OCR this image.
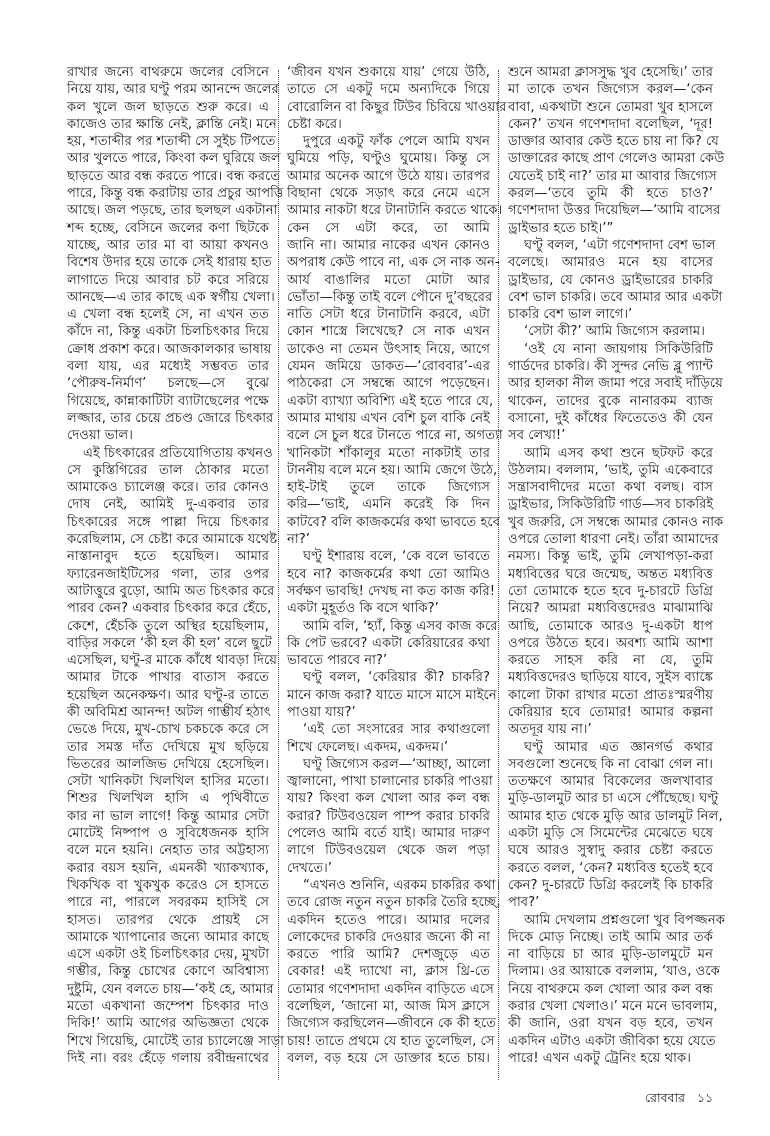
রাখার জন্যে বাথরুমে জলের বেসিনে
নিয়ে যায়, আর ঘণ্টু পরম আনন্দে জলের
কল খুলে জল ছাড়তে শুরু করে। এ
কাজেও তার ক্ষান্তি নেই, ক্লান্তি নেই। মনে
হয়, শতাব্দীর পর শতাব্দী সে সুইচ টিপতে
আর খুলতে পারে, কিংবা কল ঘুরিয়ে জল
ছাড়তে আর বন্ধ করতে পারে। বন্ধ করতে
পারে, কিন্তু বন্ধ করাটায় তার প্রচুর আপত্তি
আছে। জল পড়ছে, তার ছলছল একটানা
শব্দ হচ্ছে, বেসিনে জলের কণা ছিটকে
যাচ্ছে, আর তার মা বা আয়া কখনও
বিশেষ উদার হয়ে তাকে সেই ধারায় হাত
লাগাতে দিয়ে আবার চট করে সরিয়ে
আনছে—এ তার কাছে এক স্বর্গীয় খেলা।
এ খেলা বন্ধ হলেই সে, না এখন তত
কাঁদে না, কিন্তু একটা চিলচিৎকার দিয়ে
ক্রোধ প্রকাশ করে। আজকালকার ভাষায়
বলা যায়, এর মধ্যেই সম্ভবত তার
‘পৌরুষ-নির্মাণ’ চলছে—সে বুঝে
গিয়েছে, কান্নাকাটিটা ব্যাটাছেলের পক্ষে
লজ্জার, তার চেয়ে প্রচণ্ড জোরে চিৎকার
দেওয়া ভাল।
এই চিৎকারের প্রতিযোগিতায় কখনও
সে কুস্তিগিরের তাল ঠোকার মতো
আমাকেও চ্যালেঞ্জ করে। তার কোনও
দোষ নেই, আমিই দু-একবার তার
চিৎকারের সঙ্গে পাল্লা দিয়ে চিৎকার
করেছিলাম, সে চেষ্টা করে আমাকে যথেষ্ট
নাস্তানাবুদ হতে হয়েছিল। আমার
ফ্যারেনজাইটিসের গলা, তার ওপর
আটাত্তুরে বুড়ো, আমি অত চিৎকার করে
পারব কেন? একবার চিৎকার করে হেঁচে,
কেশে, হেঁচকি তুলে অস্থির হয়েছিলাম,
বাড়ির সকলে ‘কী হল কী হল’ বলে ছুটে
এসেছিল, ঘণ্টু-র মাকে কাঁধে থাবড়া দিয়ে
আমার টাকে পাখার বাতাস করতে
হয়েছিল অনেকক্ষণ। আর ঘণ্টু-র তাতে
কী অবিমিশ্র আনন্দ! অটল গাম্ভীর্য হঠাৎ
ভেঙে দিয়ে, মুখ-চোখ চকচকে করে সে
তার সমস্ত দাঁত দেখিয়ে মুখ ছড়িয়ে
ভিতরের আলজিভ দেখিয়ে হেসেছিল।
সেটা খানিকটা খিলখিল হাসির মতো।
শিশুর খিলখিল হাসি এ পৃথিবীতে
কার না ভাল লাগে! কিন্তু আমার সেটা
মোটেই নিষ্পাপ ও সুবিধেজনক হাসি
বলে মনে হয়নি। নেহাত তার অট্টহাস্য
করার বয়স হয়নি, এমনকী খ্যাকখ্যাক,
খিকখিক বা খুকখুক করেও সে হাসতে
পারে না, পারলে সবরকম হাসিই সে
হাসত। তারপর থেকে প্রায়ই সে
আমাকে খ্যাপানোর জন্যে আমার কাছে
এসে একটা ওই চিলচিৎকার দেয়, মুখটা
গম্ভীর, কিন্তু চোখের কোণে অবিশ্বাস্য
দুষ্টুমি, যেন বলতে চায়—‘কই হে, আমার
মতো একখানা জম্পেশ চিৎকার দাও
দিকি!’ আমি আগের অভিজ্ঞতা থেকে
শিখে গিয়েছি, মোটেই তার চ্যালেঞ্জে সাড়া
দিই না। বরং হেঁড়ে গলায় রবীন্দ্রনাথের
‘জীবন যখন শুকায়ে যায়’ গেয়ে উঠি,
তাতে সে একটু দমে অন্যদিকে গিয়ে
বোরোলিন বা কিছুর টিউব চিবিয়ে খাওয়ার
চেষ্টা করে।
দুপুরে একটু ফাঁক পেলে আমি যখন
ঘুমিয়ে পড়ি, ঘণ্টুও ঘুমোয়। কিন্তু সে
আমার অনেক আগে উঠে যায়। তারপর
বিছানা থেকে সড়াৎ করে নেমে এসে
আমার নাকটা ধরে টানাটানি করতে থাকে।
কেন সে এটা করে, তা আমি
জানি না। আমার নাকের এখন কোনও
অপরাধ কেউ পাবে না, এক সে নাক অন-
আর্য বাঙালির মতো মোটা আর
ভোঁতা—কিন্তু তাই বলে পৌনে দু’বছরের
নাতি সেটা ধরে টানাটানি করবে, এটা
কোন শাস্ত্রে লিখেছে? সে নাক এখন
ডাকেও না তেমন উৎসাহ নিয়ে, আগে
যেমন জমিয়ে ডাকত—‘রোববার’-এর
পাঠকেরা সে সম্বন্ধে আগে পড়েছেন।
একটা ব্যাখ্যা অবিশ্যি এই হতে পারে যে,
আমার মাথায় এখন বেশি চুল বাকি নেই
বলে সে চুল ধরে টানতে পারে না, অগত্যা
খানিকটা শাঁকালুর মতো নাকটাই তার
টাননীয় বলে মনে হয়। আমি জেগে উঠে,
হাই-টাই তুলে তাকে জিগ্যেস
করি—‘ভাই, এমনি করেই কি দিন
কাটবে? বলি কাজকর্মের কথা ভাবতে হবে
না?’
ঘণ্টু ইশারায় বলে, ‘কে বলে ভাবতে
হবে না? কাজকর্মের কথা তো আমিও
সর্বক্ষণ ভাবছি! দেখছ না কত কাজ করি!
একটা মুহূর্তও কি বসে থাকি?’
আমি বলি, ‘হ্যাঁ, কিন্তু এসব কাজ করে
কি পেট ভরবে? একটা কেরিয়ারের কথা
ভাবতে পারবে না?’
ঘণ্টু বলল, ‘কেরিয়ার কী? চাকরি?
মানে কাজ করা? যাতে মাসে মাসে মাইনে
পাওয়া যায়?’
‘এই তো সংসারের সার কথাগুলো
শিখে ফেলেছ। একদম, একদম।’
ঘণ্টু জিগ্যেস করল—‘আচ্ছা, আলো
জ্বালানো, পাখা চালানোর চাকরি পাওয়া
যায়? কিংবা কল খোলা আর কল বন্ধ
করার? টিউবওয়েল পাম্প করার চাকরি
পেলেও আমি বর্তে যাই। আমার দারুণ
লাগে টিউবওয়েল থেকে জল পড়া
দেখতে।’
“এখনও শুনিনি, এরকম চাকরির কথা।
তবে রোজ নতুন নতুন চাকরি তৈরি হচ্ছে,
একদিন হতেও পারে। আমার দলের
লোকেদের চাকরি দেওয়ার জন্যে কী না
করতে পারি আমি? দেশজুড়ে এত
বেকার! এই দ্যাখো না, ক্লাস থ্রি-তে
তোমার গণেশদাদা একদিন বাড়িতে এসে
বলেছিল, ‘জানো মা, আজ মিস ক্লাসে
জিগ্যেস করছিলেন—জীবনে কে কী হতে
চায়! তাতে প্রথমে যে হাত তুলেছিল, সে
বলল, বড় হয়ে সে ডাক্তার হতে চায়।
শুনে আমরা ক্লাসসুদ্ধ খুব হেসেছি।’ তার
মা তাকে তখন জিগ্যেস করল—‘কেন
বাবা, একথাটা শুনে তোমরা খুব হাসলে
কেন?’ তখন গণেশদাদা বলেছিল, ‘দূর!
ডাক্তার আবার কেউ হতে চায় না কি? যে
ডাক্তারের কাছে প্রাণ গেলেও আমরা কেউ
যেতেই চাই না?’ তার মা আবার জিগ্যেস
করল—‘তবে তুমি কী হতে চাও?’
গণেশদাদা উত্তর দিয়েছিল—‘আমি বাসের
ড্রাইভার হতে চাই।’”
ঘণ্টু বলল, ‘এটা গণেশদাদা বেশ ভাল
বলেছে। আমারও মনে হয় বাসের
ড্রাইভার, যে কোনও ড্রাইভারের চাকরি
বেশ ভাল চাকরি। তবে আমার আর একটা
চাকরি বেশ ভাল লাগে।’
‘সেটা কী?’ আমি জিগ্যেস করলাম।
‘ওই যে নানা জায়গায় সিকিউরিটি
গার্ডদের চাকরি। কী সুন্দর নেভি ব্লু প্যান্ট
আর হালকা নীল জামা পরে সবাই দাঁড়িয়ে
থাকেন, তাদের বুকে নানারকম ব্যাজ
বসানো, দুই কাঁধের ফিতেতেও কী যেন
সব লেখা!’
আমি এসব কথা শুনে ছটফট করে
উঠলাম। বললাম, ‘ভাই, তুমি একেবারে
সন্ত্রাসবাদীদের মতো কথা বলছ। বাস
ড্রাইভার, সিকিউরিটি গার্ড—সব চাকরিই
খুব জরুরি, সে সম্বন্ধে আমার কোনও নাক
ওপরে তোলা ধারণা নেই। তাঁরা আমাদের
নমস্য। কিন্তু ভাই, তুমি লেখাপড়া-করা
মধ্যবিত্তের ঘরে জন্মেছ, অন্তত মধ্যবিত্ত
তো তোমাকে হতে হবে দু-চারটে ডিগ্রি
নিয়ে? আমরা মধ্যবিত্তদেরও মাঝামাঝি
আছি, তোমাকে আরও দু-একটা ধাপ
ওপরে উঠতে হবে। অবশ্য আমি আশা
করতে সাহস করি না যে, তুমি
মধ্যবিত্তদেরও ছাড়িয়ে যাবে, সুইস ব্যাঙ্কে
কালো টাকা রাখার মতো প্রাতঃস্মরণীয়
কেরিয়ার হবে তোমার! আমার কল্পনা
অতদূর যায় না।’
ঘণ্টু আমার এত জ্ঞানগর্ভ কথার
সবগুলো শুনেছে কি না বোঝা গেল না।
ততক্ষণে আমার বিকেলের জলখাবার
মুড়ি-ডালমুট আর চা এসে পৌঁছেছে। ঘণ্টু
আমার হাত থেকে মুড়ি আর ডালমুট নিল,
একটা মুড়ি সে সিমেন্টের মেঝেতে ঘষে
ঘষে আরও সুস্বাদু করার চেষ্টা করতে
করতে বলল, ‘কেন? মধ্যবিত্ত হতেই হবে
কেন? দু-চারটে ডিগ্রি করলেই কি চাকরি
পাব?’
আমি দেখলাম প্রশ্নগুলো খুব বিপজ্জনক
দিকে মোড় নিচ্ছে। তাই আমি আর তর্ক
না বাড়িয়ে চা আর মুড়ি-ডালমুটে মন
দিলাম। ওর আয়াকে বললাম, ‘যাও, ওকে
নিয়ে বাথরুমে কল খোলা আর কল বন্ধ
করার খেলা খেলাও।’ মনে মনে ভাবলাম,
কী জানি, ওরা যখন বড় হবে, তখন
একদিন এটাও একটা জীবিকা হয়ে যেতে
পারে! এখন একটু ট্রেনিং হয়ে থাক।
রোববার ১১
